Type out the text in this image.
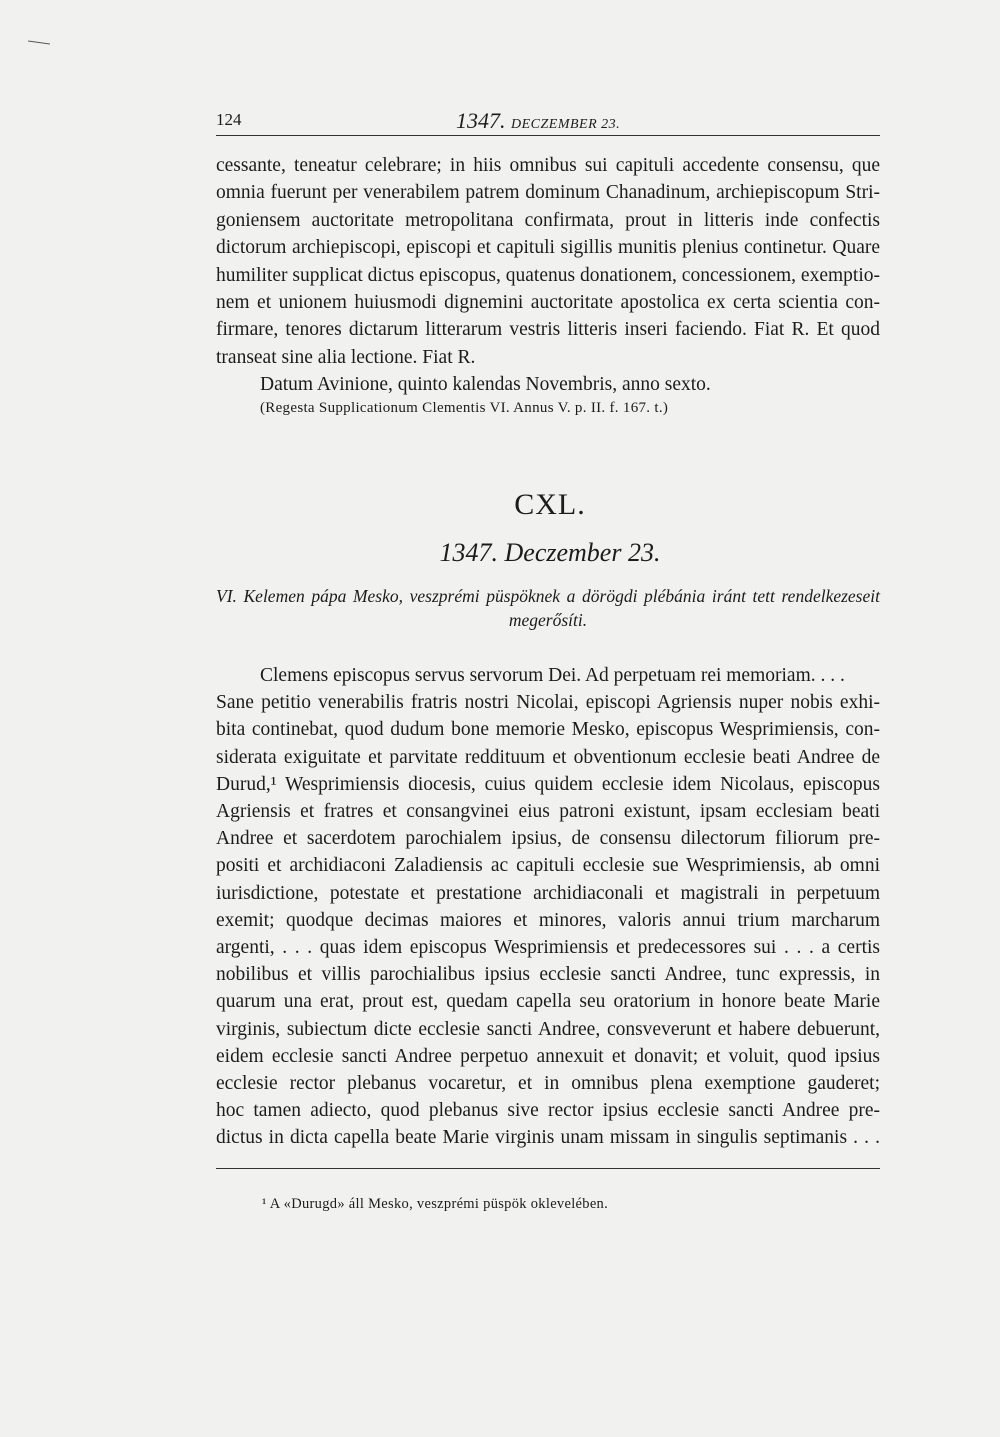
124	1347. DECZEMBER 23.
cessante, teneatur celebrare; in hiis omnibus sui capituli accedente consensu, que
omnia fuerunt per venerabilem patrem dominum Chanadinum, archiepiscopum Stri-
goniensem auctoritate metropolitana confirmata, prout in litteris inde confectis
dictorum archiepiscopi, episcopi et capituli sigillis munitis plenius continetur. Quare
humiliter supplicat dictus episcopus, quatenus donationem, concessionem, exemptio-
nem et unionem huiusmodi dignemini auctoritate apostolica ex certa scientia con-
firmare, tenores dictarum litterarum vestris litteris inseri faciendo. Fiat R. Et quod
transeat sine alia lectione. Fiat R.
Datum Avinione, quinto kalendas Novembris, anno sexto.
(Regesta Supplicationum Clementis VI. Annus V. p. II. f. 167. t.)
CXL.
1347. Deczember 23.
VI. Kelemen pápa Mesko, veszprémi püspöknek a dörögdi plébánia iránt tett rendelkezeseit
megerősíti.
Clemens episcopus servus servorum Dei. Ad perpetuam rei memoriam. . . .
Sane petitio venerabilis fratris nostri Nicolai, episcopi Agriensis nuper nobis exhi-
bita continebat, quod dudum bone memorie Mesko, episcopus Wesprimiensis, con-
siderata exiguitate et parvitate reddituum et obventionum ecclesie beati Andree de
Durud,¹ Wesprimiensis diocesis, cuius quidem ecclesie idem Nicolaus, episcopus
Agriensis et fratres et consangvinei eius patroni existunt, ipsam ecclesiam beati
Andree et sacerdotem parochialem ipsius, de consensu dilectorum filiorum pre-
positi et archidiaconi Zaladiensis ac capituli ecclesie sue Wesprimiensis, ab omni
iurisdictione, potestate et prestatione archidiaconali et magistrali in perpetuum
exemit; quodque decimas maiores et minores, valoris annui trium marcharum
argenti, . . . quas idem episcopus Wesprimiensis et predecessores sui . . . a certis
nobilibus et villis parochialibus ipsius ecclesie sancti Andree, tunc expressis, in
quarum una erat, prout est, quedam capella seu oratorium in honore beate Marie
virginis, subiectum dicte ecclesie sancti Andree, consveverunt et habere debuerunt,
eidem ecclesie sancti Andree perpetuo annexuit et donavit; et voluit, quod ipsius
ecclesie rector plebanus vocaretur, et in omnibus plena exemptione gauderet;
hoc tamen adiecto, quod plebanus sive rector ipsius ecclesie sancti Andree pre-
dictus in dicta capella beate Marie virginis unam missam in singulis septimanis . . .
¹ A «Durugd» áll Mesko, veszprémi püspök oklevelében.
